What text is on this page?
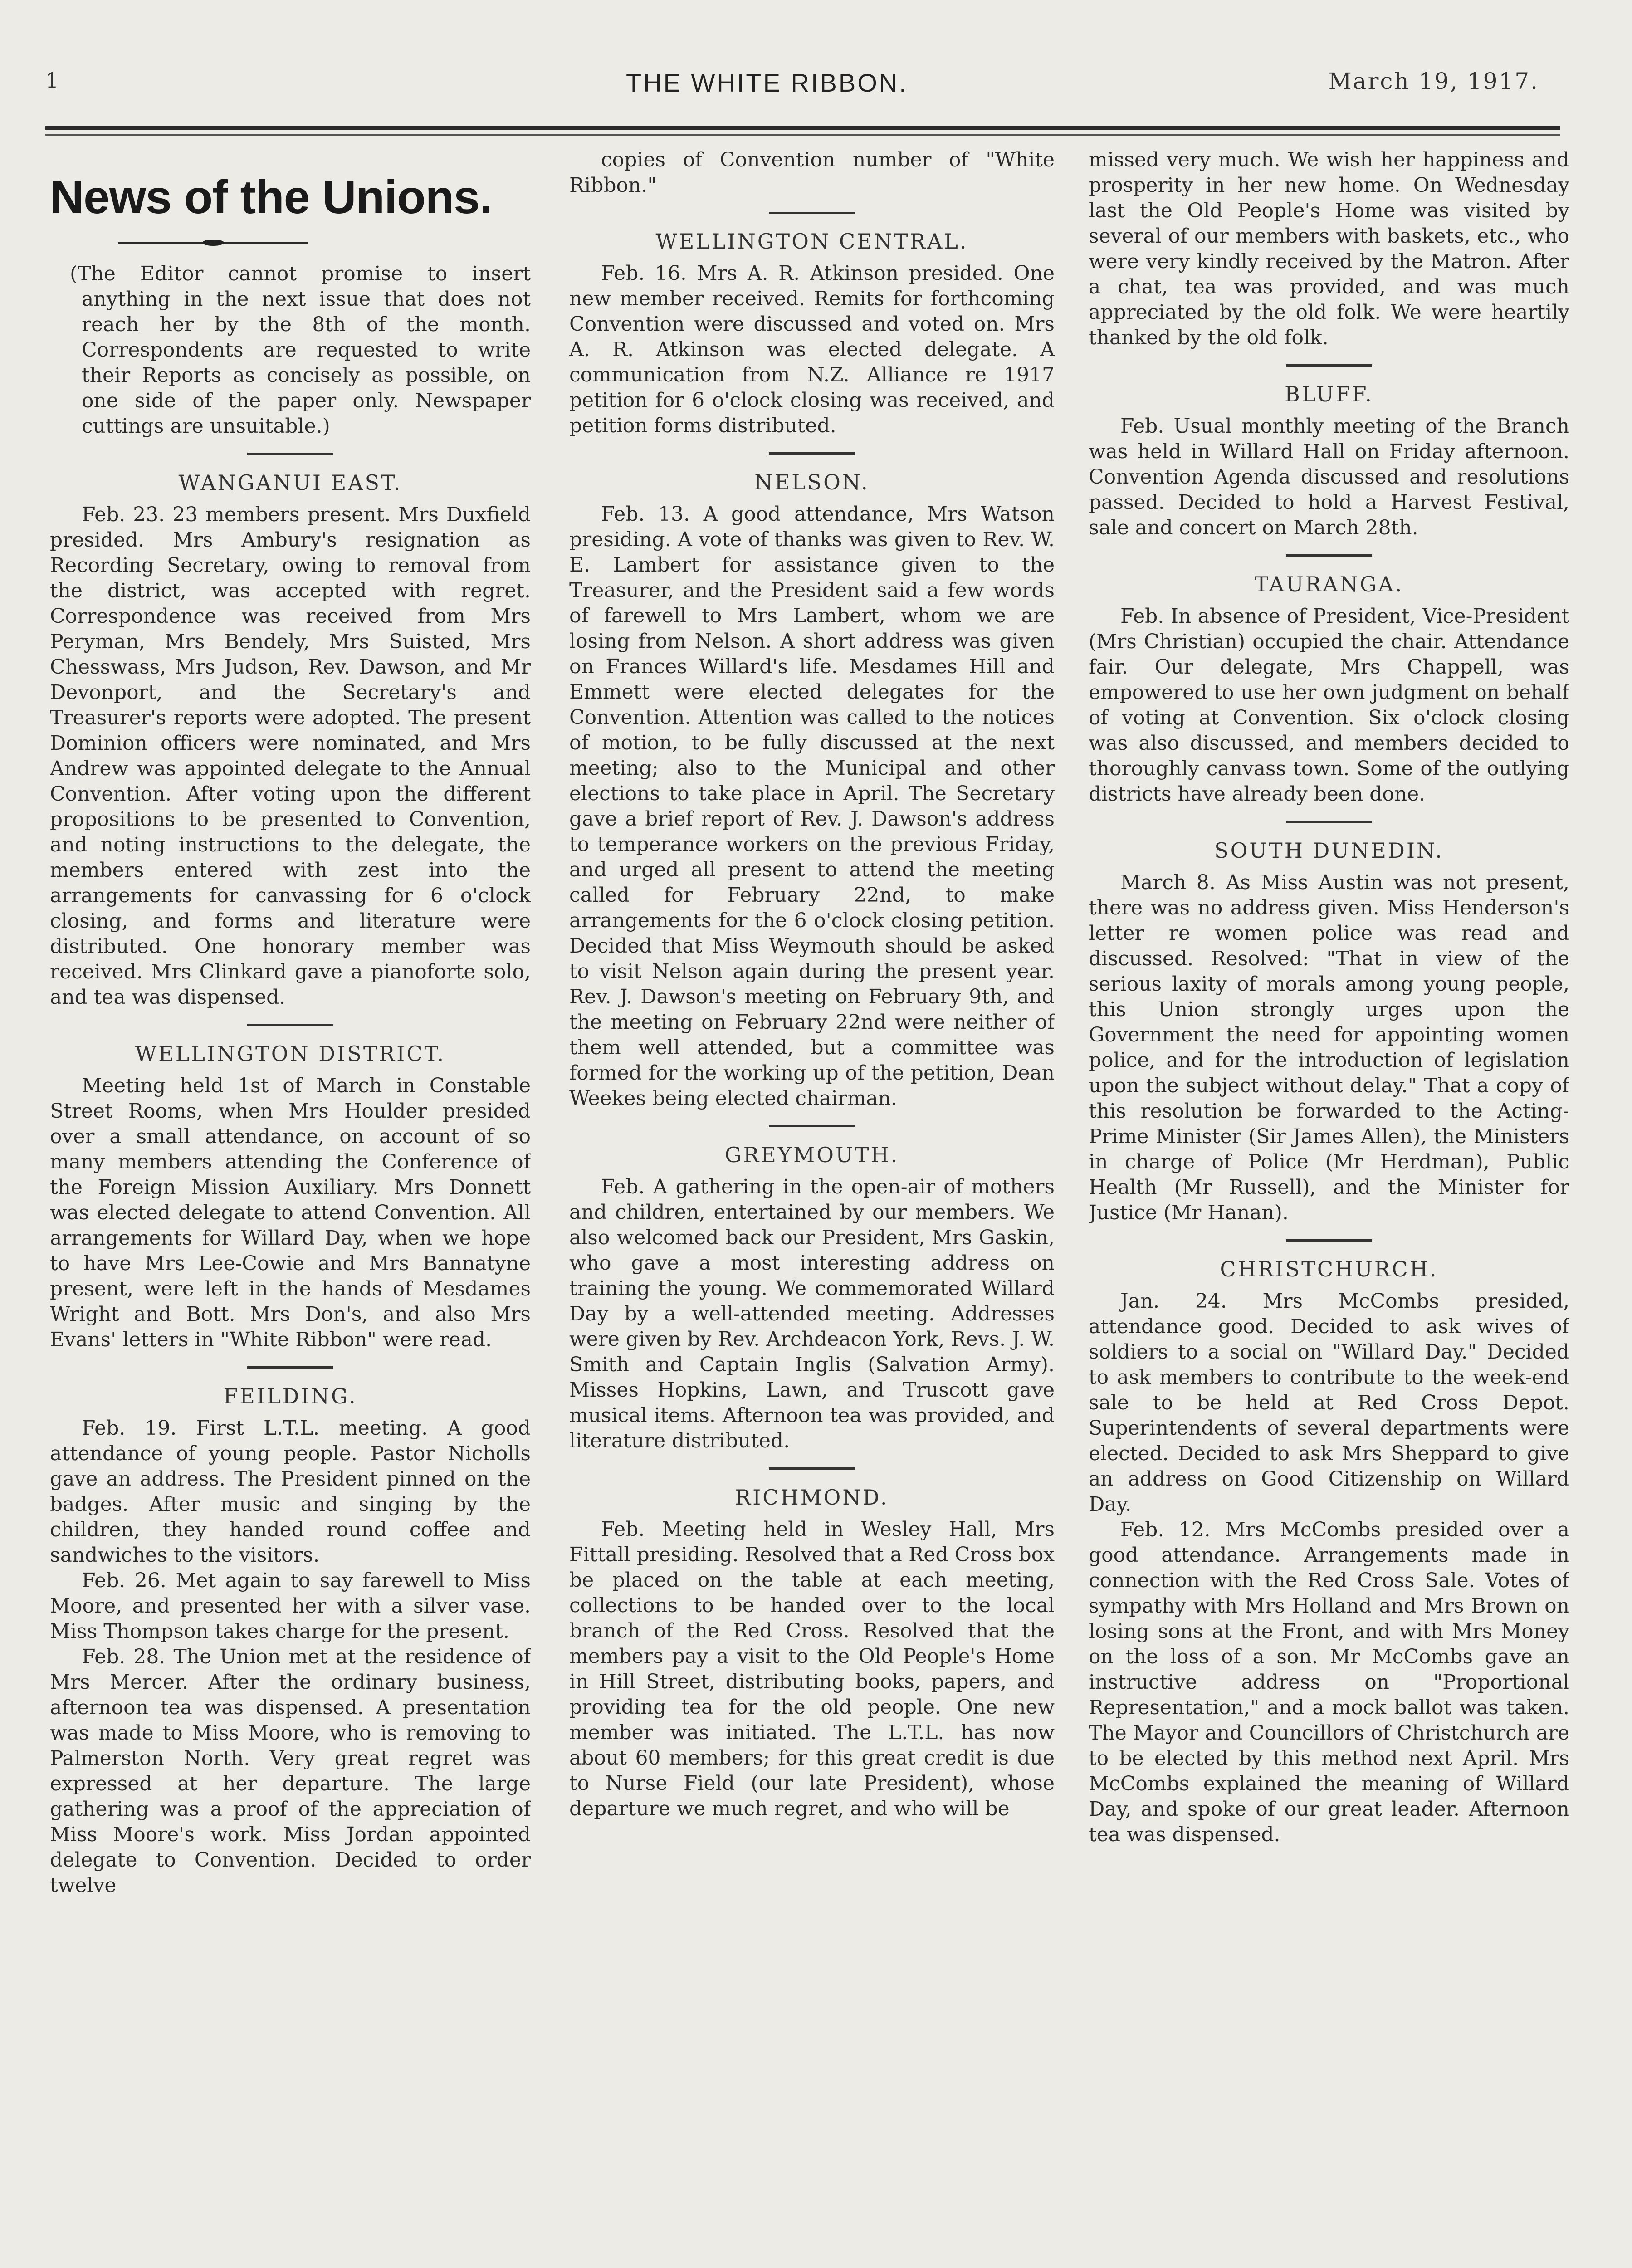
1	THE WHITE RIBBON.	March 19, 1917.
News of the Unions.

(The Editor cannot promise to insert anything in the next issue that does not reach her by the 8th of the month. Correspondents are requested to write their Reports as concisely as possible, on one side of the paper only. Newspaper cuttings are unsuitable.)

WANGANUI EAST.

Feb. 23. 23 members present. Mrs Duxfield presided. Mrs Ambury's resignation as Recording Secretary, owing to removal from the district, was accepted with regret. Correspondence was received from Mrs Peryman, Mrs Bendely, Mrs Suisted, Mrs Chesswass, Mrs Judson, Rev. Dawson, and Mr Devonport, and the Secretary's and Treasurer's reports were adopted. The present Dominion officers were nominated, and Mrs Andrew was appointed delegate to the Annual Convention. After voting upon the different propositions to be presented to Convention, and noting instructions to the delegate, the members entered with zest into the arrangements for canvassing for 6 o'clock closing, and forms and literature were distributed. One honorary member was received. Mrs Clinkard gave a pianoforte solo, and tea was dispensed.

WELLINGTON DISTRICT.

Meeting held 1st of March in Constable Street Rooms, when Mrs Houlder presided over a small attendance, on account of so many members attending the Conference of the Foreign Mission Auxiliary. Mrs Donnett was elected delegate to attend Convention. All arrangements for Willard Day, when we hope to have Mrs Lee-Cowie and Mrs Bannatyne present, were left in the hands of Mesdames Wright and Bott. Mrs Don's, and also Mrs Evans' letters in "White Ribbon" were read.

FEILDING.

Feb. 19. First L.T.L. meeting. A good attendance of young people. Pastor Nicholls gave an address. The President pinned on the badges. After music and singing by the children, they handed round coffee and sandwiches to the visitors.

Feb. 26. Met again to say farewell to Miss Moore, and presented her with a silver vase. Miss Thompson takes charge for the present.

Feb. 28. The Union met at the residence of Mrs Mercer. After the ordinary business, afternoon tea was dispensed. A presentation was made to Miss Moore, who is removing to Palmerston North. Very great regret was expressed at her departure. The large gathering was a proof of the appreciation of Miss Moore's work. Miss Jordan appointed delegate to Convention. Decided to order twelve

copies of Convention number of "White Ribbon."

WELLINGTON CENTRAL.

Feb. 16. Mrs A. R. Atkinson presided. One new member received. Remits for forthcoming Convention were discussed and voted on. Mrs A. R. Atkinson was elected delegate. A communication from N.Z. Alliance re 1917 petition for 6 o'clock closing was received, and petition forms distributed.

NELSON.

Feb. 13. A good attendance, Mrs Watson presiding. A vote of thanks was given to Rev. W. E. Lambert for assistance given to the Treasurer, and the President said a few words of farewell to Mrs Lambert, whom we are losing from Nelson. A short address was given on Frances Willard's life. Mesdames Hill and Emmett were elected delegates for the Convention. Attention was called to the notices of motion, to be fully discussed at the next meeting; also to the Municipal and other elections to take place in April. The Secretary gave a brief report of Rev. J. Dawson's address to temperance workers on the previous Friday, and urged all present to attend the meeting called for February 22nd, to make arrangements for the 6 o'clock closing petition. Decided that Miss Weymouth should be asked to visit Nelson again during the present year. Rev. J. Dawson's meeting on February 9th, and the meeting on February 22nd were neither of them well attended, but a committee was formed for the working up of the petition, Dean Weekes being elected chairman.

GREYMOUTH.

Feb. A gathering in the open-air of mothers and children, entertained by our members. We also welcomed back our President, Mrs Gaskin, who gave a most interesting address on training the young. We commemorated Willard Day by a well-attended meeting. Addresses were given by Rev. Archdeacon York, Revs. J. W. Smith and Captain Inglis (Salvation Army). Misses Hopkins, Lawn, and Truscott gave musical items. Afternoon tea was provided, and literature distributed.

RICHMOND.

Feb. Meeting held in Wesley Hall, Mrs Fittall presiding. Resolved that a Red Cross box be placed on the table at each meeting, collections to be handed over to the local branch of the Red Cross. Resolved that the members pay a visit to the Old People's Home in Hill Street, distributing books, papers, and providing tea for the old people. One new member was initiated. The L.T.L. has now about 60 members; for this great credit is due to Nurse Field (our late President), whose departure we much regret, and who will be

missed very much. We wish her happiness and prosperity in her new home. On Wednesday last the Old People's Home was visited by several of our members with baskets, etc., who were very kindly received by the Matron. After a chat, tea was provided, and was much appreciated by the old folk. We were heartily thanked by the old folk.

BLUFF.

Feb. Usual monthly meeting of the Branch was held in Willard Hall on Friday afternoon. Convention Agenda discussed and resolutions passed. Decided to hold a Harvest Festival, sale and concert on March 28th.

TAURANGA.

Feb. In absence of President, Vice-President (Mrs Christian) occupied the chair. Attendance fair. Our delegate, Mrs Chappell, was empowered to use her own judgment on behalf of voting at Convention. Six o'clock closing was also discussed, and members decided to thoroughly canvass town. Some of the outlying districts have already been done.

SOUTH DUNEDIN.

March 8. As Miss Austin was not present, there was no address given. Miss Henderson's letter re women police was read and discussed. Resolved: "That in view of the serious laxity of morals among young people, this Union strongly urges upon the Government the need for appointing women police, and for the introduction of legislation upon the subject without delay." That a copy of this resolution be forwarded to the Acting-Prime Minister (Sir James Allen), the Ministers in charge of Police (Mr Herdman), Public Health (Mr Russell), and the Minister for Justice (Mr Hanan).

CHRISTCHURCH.

Jan. 24. Mrs McCombs presided, attendance good. Decided to ask wives of soldiers to a social on "Willard Day." Decided to ask members to contribute to the week-end sale to be held at Red Cross Depot. Superintendents of several departments were elected. Decided to ask Mrs Sheppard to give an address on Good Citizenship on Willard Day.

Feb. 12. Mrs McCombs presided over a good attendance. Arrangements made in connection with the Red Cross Sale. Votes of sympathy with Mrs Holland and Mrs Brown on losing sons at the Front, and with Mrs Money on the loss of a son. Mr McCombs gave an instructive address on "Proportional Representation," and a mock ballot was taken. The Mayor and Councillors of Christchurch are to be elected by this method next April. Mrs McCombs explained the meaning of Willard Day, and spoke of our great leader. Afternoon tea was dispensed.
